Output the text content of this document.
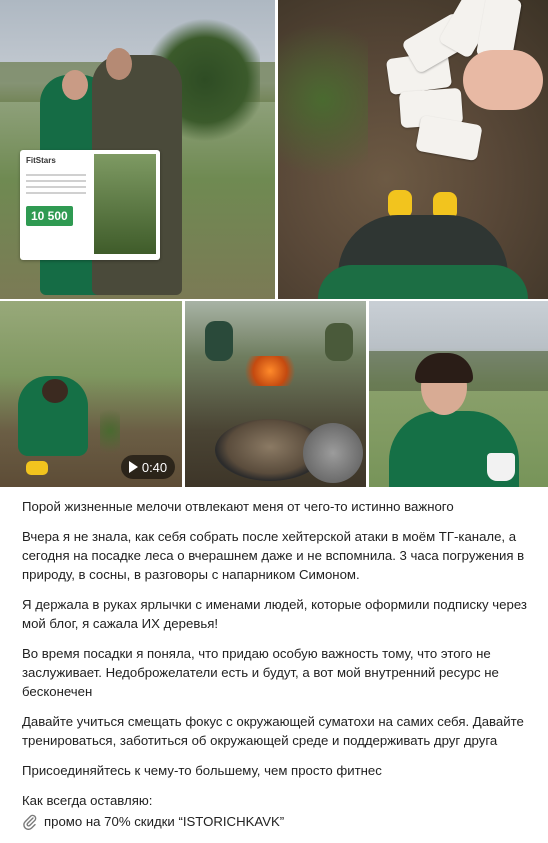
FitStars
10 500
0:40

Порой жизненные мелочи отвлекают меня от чего-то истинно важного

Вчера я не знала, как себя собрать после хейтерской атаки в моём ТГ-канале, а сегодня на посадке леса о вчерашнем даже и не вспомнила. 3 часа погружения в природу, в сосны, в разговоры с напарником Симоном.

Я держала в руках ярлычки с именами людей, которые оформили подписку через мой блог, я сажала ИХ деревья!

Во время посадки я поняла, что придаю особую важность тому, что этого не заслуживает. Недоброжелатели есть и будут, а вот мой внутренний ресурс не бесконечен

Давайте учиться смещать фокус с окружающей суматохи на самих себя. Давайте тренироваться, заботиться об окружающей среде и поддерживать друг друга

Присоединяйтесь к чему-то большему, чем просто фитнес

Как всегда оставляю:

промо на 70% скидки “ISTORICHKAVK”
